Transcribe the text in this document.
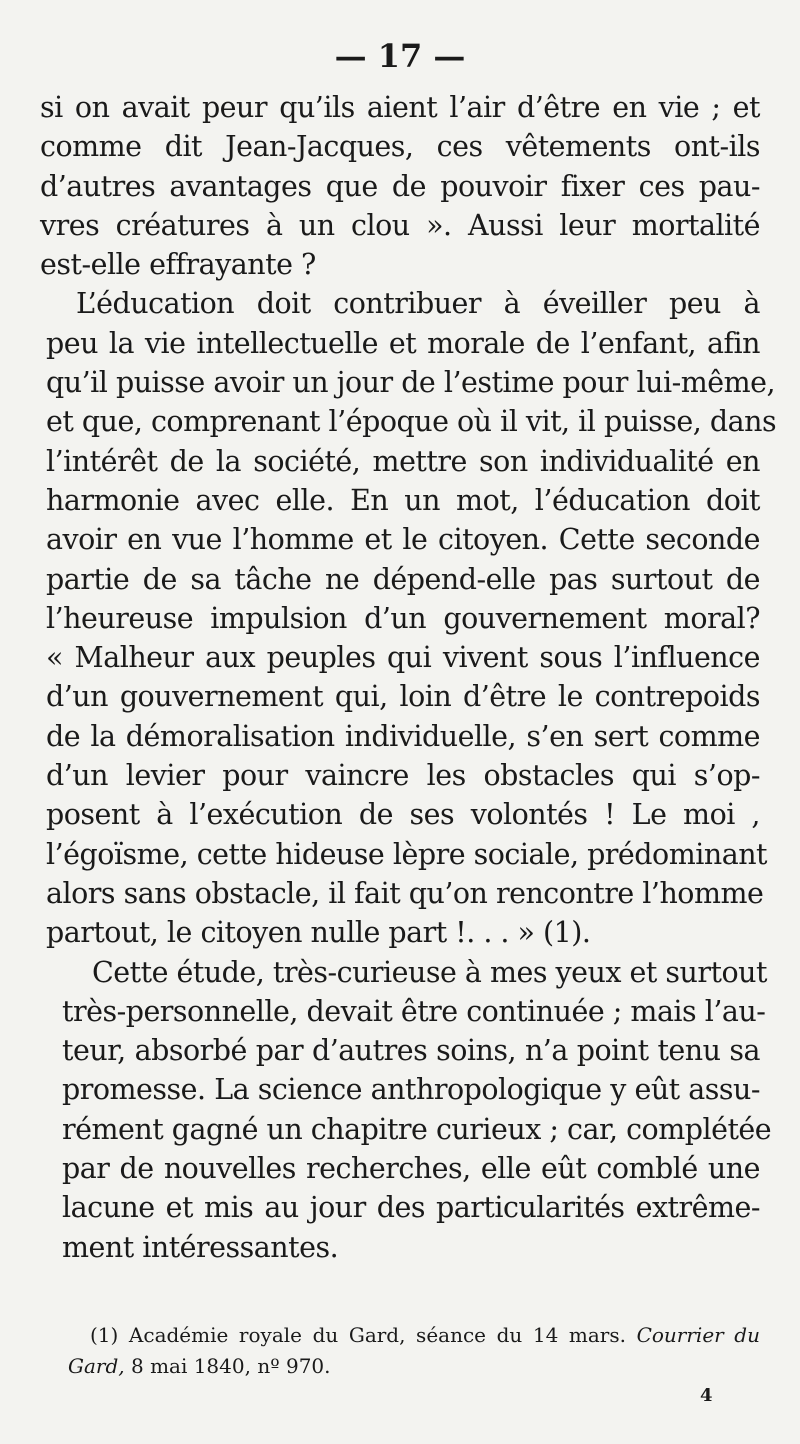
— 17 —
si on avait peur qu’ils aient l’air d’être en vie ; et
comme dit Jean-Jacques, ces vêtements ont-ils
d’autres avantages que de pouvoir fixer ces pau-
vres créatures à un clou ». Aussi leur mortalité
est-elle effrayante ?
L’éducation doit contribuer à éveiller peu à
peu la vie intellectuelle et morale de l’enfant, afin
qu’il puisse avoir un jour de l’estime pour lui-même,
et que, comprenant l’époque où il vit, il puisse, dans
l’intérêt de la société, mettre son individualité en
harmonie avec elle. En un mot, l’éducation doit
avoir en vue l’homme et le citoyen. Cette seconde
partie de sa tâche ne dépend-elle pas surtout de
l’heureuse impulsion d’un gouvernement moral?
« Malheur aux peuples qui vivent sous l’influence
d’un gouvernement qui, loin d’être le contrepoids
de la démoralisation individuelle, s’en sert comme
d’un levier pour vaincre les obstacles qui s’op-
posent à l’exécution de ses volontés ! Le moi ,
l’égoïsme, cette hideuse lèpre sociale, prédominant
alors sans obstacle, il fait qu’on rencontre l’homme
partout, le citoyen nulle part !. . . » (1).
Cette étude, très-curieuse à mes yeux et surtout
très-personnelle, devait être continuée ; mais l’au-
teur, absorbé par d’autres soins, n’a point tenu sa
promesse. La science anthropologique y eût assu-
rément gagné un chapitre curieux ; car, complétée
par de nouvelles recherches, elle eût comblé une
lacune et mis au jour des particularités extrême-
ment intéressantes.
(1) Académie royale du Gard, séance du 14 mars. Courrier du
Gard, 8 mai 1840, nº 970.
4
